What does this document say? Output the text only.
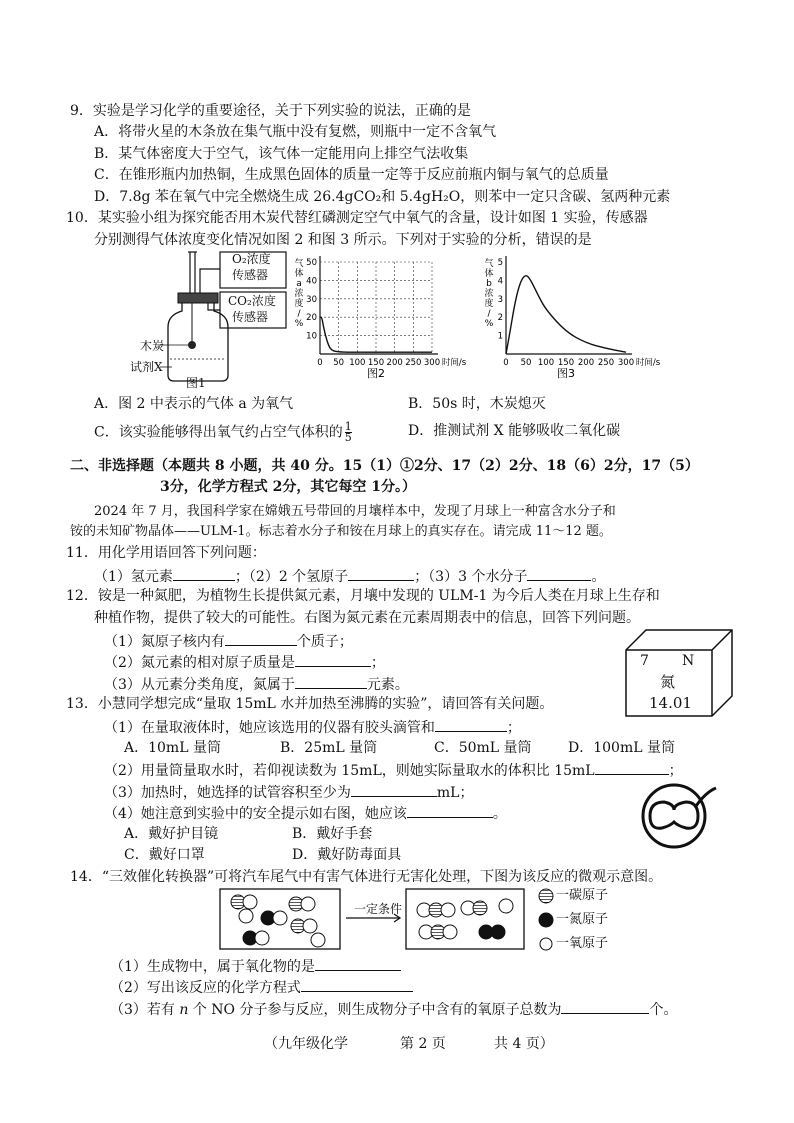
9．实验是学习化学的重要途径，关于下列实验的说法，正确的是
A．将带火星的木条放在集气瓶中没有复燃，则瓶中一定不含氧气
B．某气体密度大于空气，该气体一定能用向上排空气法收集
C．在锥形瓶内加热铜，生成黑色固体的质量一定等于反应前瓶内铜与氧气的总质量
D．7.8g 苯在氧气中完全燃烧生成 26.4gCO₂和 5.4gH₂O，则苯中一定只含碳、氢两种元素
10．某实验小组为探究能否用木炭代替红磷测定空气中氧气的含量，设计如图 1 实验，传感器
分别测得气体浓度变化情况如图 2 和图 3 所示。下列对于实验的分析，错误的是
O₂浓度
传感器
CO₂浓度
传感器
木炭
试剂X
图1
0 50 100 150 200 250 300
10
20
30
40
50
时间/s
气
体
a
浓
度
/
%
图2
0 50 100 150 200 250 300
1
2
3
4
5
时间/s
气
体
b
浓
度
/
%
图3
A．图 2 中表示的气体 a 为氧气	B．50s 时，木炭熄灭
C．该实验能够得出氧气约占空气体积的 $\frac{1}{5}$	D．推测试剂 X 能够吸收二氧化碳
二、非选择题（本题共 8 小题，共 40 分。15（1）①2分、17（2）2分、18（6）2分，17（5）
3分，化学方程式 2分，其它每空 1分。）
2024 年 7 月，我国科学家在嫦娥五号带回的月壤样本中，发现了月球上一种富含水分子和
铵的未知矿物晶体——ULM-1。标志着水分子和铵在月球上的真实存在。请完成 11～12 题。
11．用化学用语回答下列问题：
（1）氢元素	；（2）2 个氢原子	；（3）3 个水分子	。
12．铵是一种氮肥，为植物生长提供氮元素，月壤中发现的 ULM-1 为今后人类在月球上生存和
种植作物，提供了较大的可能性。右图为氮元素在元素周期表中的信息，回答下列问题。
（1）氮原子核内有	个质子；
（2）氮元素的相对原子质量是	；
（3）从元素分类角度，氮属于	元素。
7 N
氮
14.01
13．小慧同学想完成“量取 15mL 水并加热至沸腾的实验”，请回答有关问题。
（1）在量取液体时，她应该选用的仪器有胶头滴管和	；
A．10mL 量筒	B．25mL 量筒	C．50mL 量筒	D．100mL 量筒
（2）用量筒量取水时，若仰视读数为 15mL，则她实际量取水的体积比 15mL	；
（3）加热时，她选择的试管容积至少为	mL；
（4）她注意到实验中的安全提示如右图，她应该	。
A．戴好护目镜	B．戴好手套
C．戴好口罩	D．戴好防毒面具
14．“三效催化转换器”可将汽车尾气中有害气体进行无害化处理，下图为该反应的微观示意图。
一定条件
一碳原子
一氮原子
一氧原子
（1）生成物中，属于氧化物的是
（2）写出该反应的化学方程式
（3）若有 n 个 NO 分子参与反应，则生成物分子中含有的氧原子总数为	个。
（九年级化学	第 2 页	共 4 页）
